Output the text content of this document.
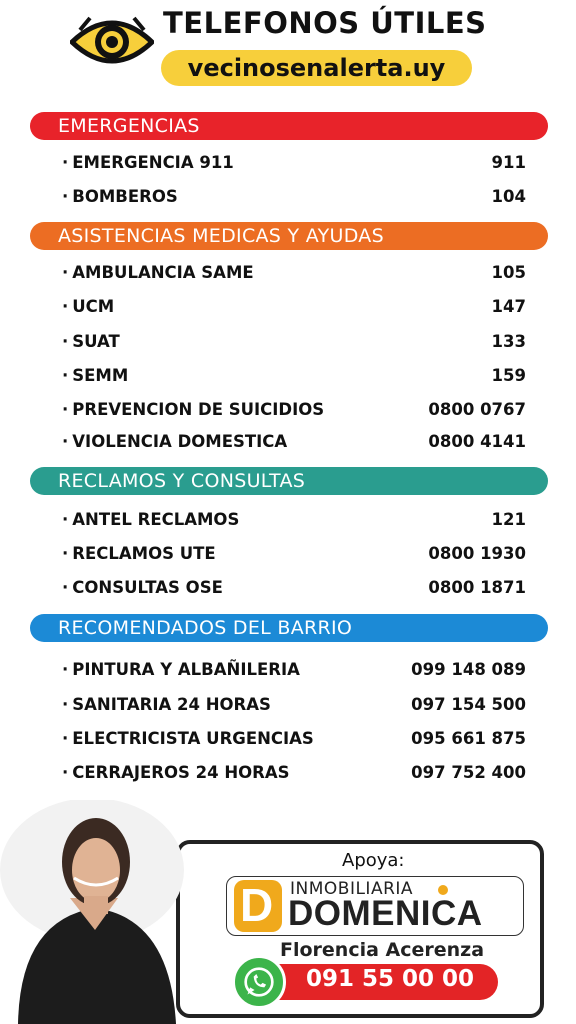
TELEFONOS ÚTILES
vecinosenalerta.uy
EMERGENCIAS
· EMERGENCIA 911	911
· BOMBEROS	104
ASISTENCIAS MEDICAS Y AYUDAS
· AMBULANCIA SAME	105
· UCM	147
· SUAT	133
· SEMM	159
· PREVENCION DE SUICIDIOS	0800 0767
· VIOLENCIA DOMESTICA	0800 4141
RECLAMOS Y CONSULTAS
· ANTEL RECLAMOS	121
· RECLAMOS UTE	0800 1930
· CONSULTAS OSE	0800 1871
RECOMENDADOS DEL BARRIO
· PINTURA Y ALBAÑILERIA	099 148 089
· SANITARIA 24 HORAS	097 154 500
· ELECTRICISTA URGENCIAS	095 661 875
· CERRAJEROS 24 HORAS	097 752 400
Apoya:
D INMOBILIARIA
DOMENICA
Florencia Acerenza
091 55 00 00
